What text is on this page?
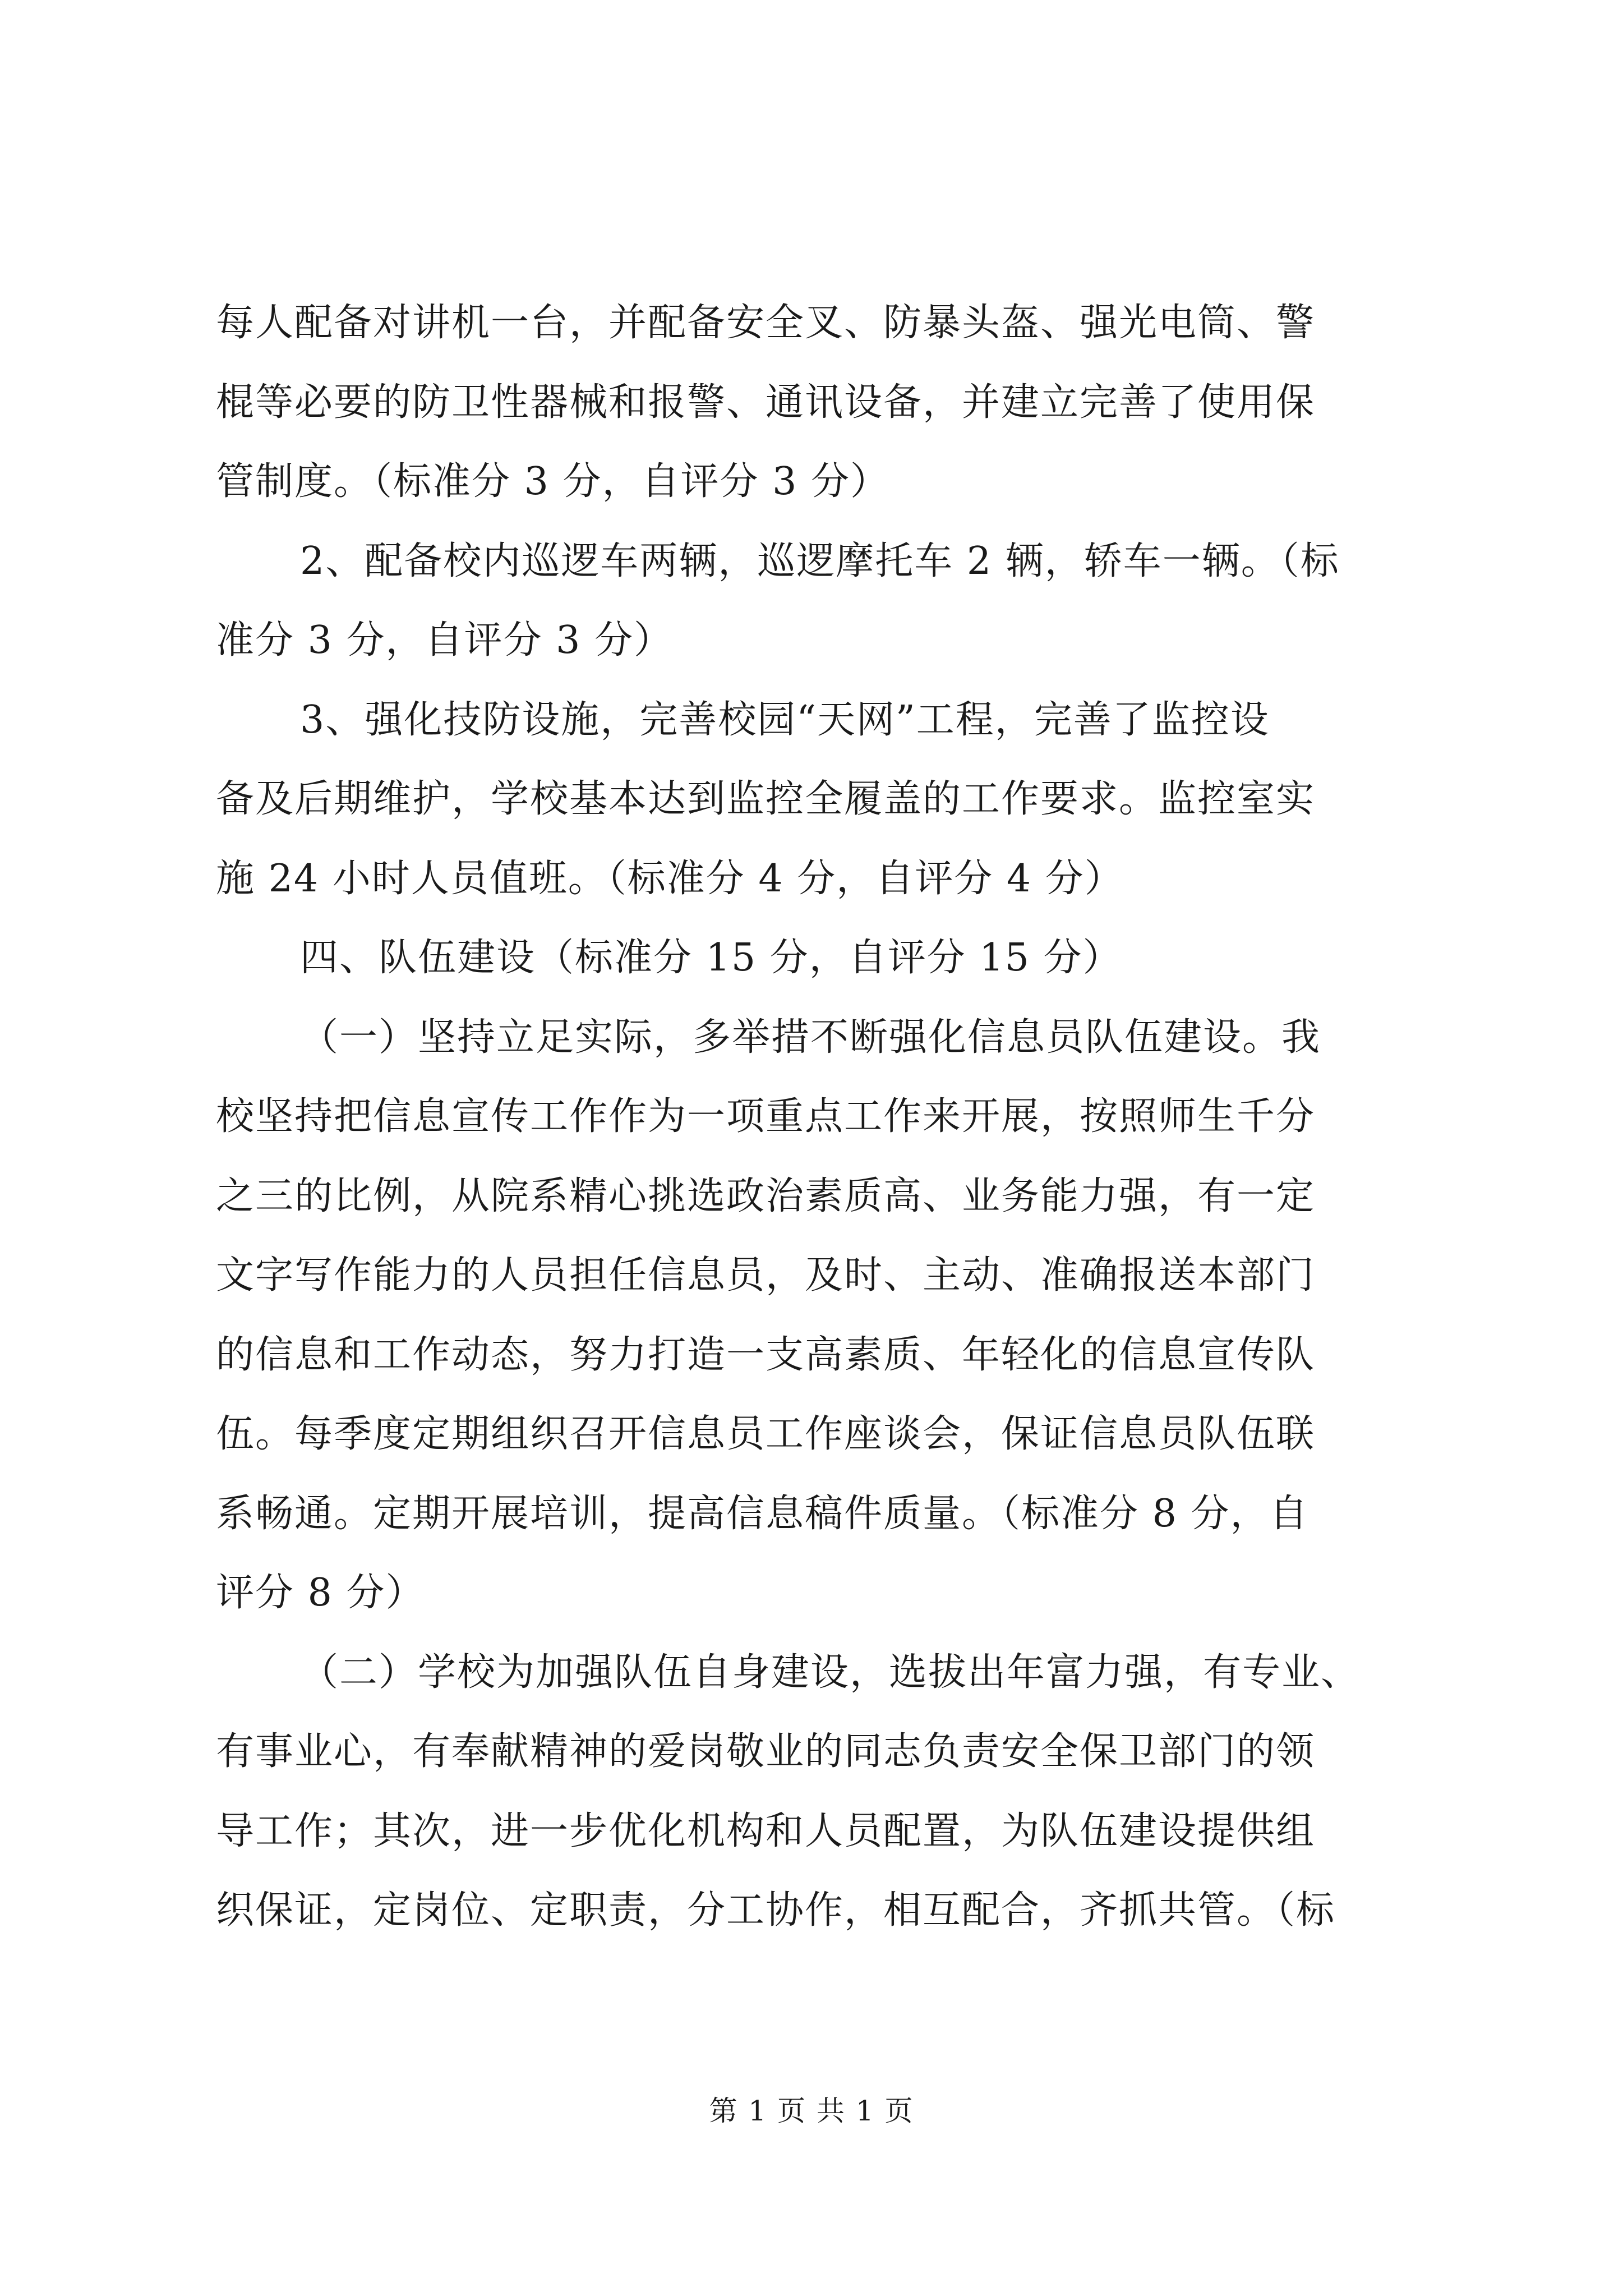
每人配备对讲机一台，并配备安全叉、防暴头盔、强光电筒、警
棍等必要的防卫性器械和报警、通讯设备，并建立完善了使用保
管制度。（标准分 3 分，自评分 3 分）
2、配备校内巡逻车两辆，巡逻摩托车 2 辆，轿车一辆。（标
准分 3 分，自评分 3 分）
3、强化技防设施，完善校园“天网”工程，完善了监控设
备及后期维护，学校基本达到监控全履盖的工作要求。监控室实
施 24 小时人员值班。（标准分 4 分，自评分 4 分）
四、队伍建设（标准分 15 分，自评分 15 分）
（一）坚持立足实际，多举措不断强化信息员队伍建设。我
校坚持把信息宣传工作作为一项重点工作来开展，按照师生千分
之三的比例，从院系精心挑选政治素质高、业务能力强，有一定
文字写作能力的人员担任信息员，及时、主动、准确报送本部门
的信息和工作动态，努力打造一支高素质、年轻化的信息宣传队
伍。每季度定期组织召开信息员工作座谈会，保证信息员队伍联
系畅通。定期开展培训，提高信息稿件质量。（标准分 8 分，自
评分 8 分）
（二）学校为加强队伍自身建设，选拔出年富力强，有专业、
有事业心，有奉献精神的爱岗敬业的同志负责安全保卫部门的领
导工作；其次，进一步优化机构和人员配置，为队伍建设提供组
织保证，定岗位、定职责，分工协作，相互配合，齐抓共管。（标
第 1 页 共 1 页
